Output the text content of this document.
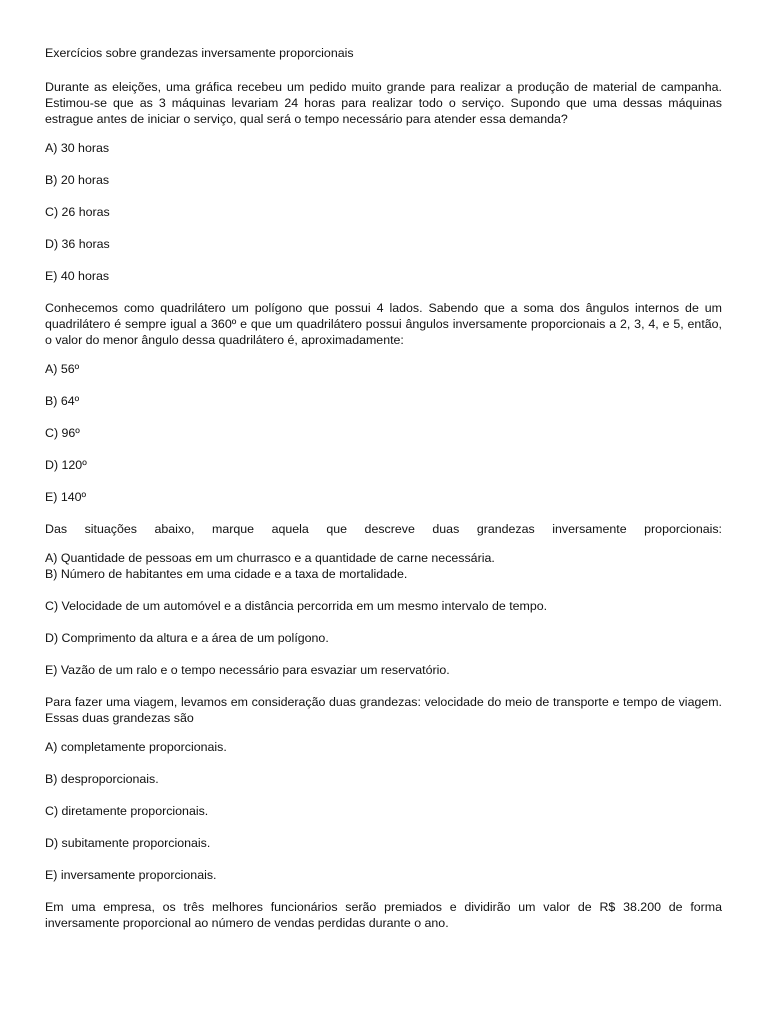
Exercícios sobre grandezas inversamente proporcionais

Durante as eleições, uma gráfica recebeu um pedido muito grande para realizar a produção de material de campanha. Estimou-se que as 3 máquinas levariam 24 horas para realizar todo o serviço. Supondo que uma dessas máquinas estrague antes de iniciar o serviço, qual será o tempo necessário para atender essa demanda?

A) 30 horas

B) 20 horas

C) 26 horas

D) 36 horas

E) 40 horas

Conhecemos como quadrilátero um polígono que possui 4 lados. Sabendo que a soma dos ângulos internos de um quadrilátero é sempre igual a 360º e que um quadrilátero possui ângulos inversamente proporcionais a 2, 3, 4, e 5, então, o valor do menor ângulo dessa quadrilátero é, aproximadamente:

A) 56º

B) 64º

C) 96º

D) 120º

E) 140º

Das situações abaixo, marque aquela que descreve duas grandezas inversamente proporcionais:

A) Quantidade de pessoas em um churrasco e a quantidade de carne necessária.

B) Número de habitantes em uma cidade e a taxa de mortalidade.

C) Velocidade de um automóvel e a distância percorrida em um mesmo intervalo de tempo.

D) Comprimento da altura e a área de um polígono.

E) Vazão de um ralo e o tempo necessário para esvaziar um reservatório.

Para fazer uma viagem, levamos em consideração duas grandezas: velocidade do meio de transporte e tempo de viagem. Essas duas grandezas são

A) completamente proporcionais.

B) desproporcionais.

C) diretamente proporcionais.

D) subitamente proporcionais.

E) inversamente proporcionais.

Em uma empresa, os três melhores funcionários serão premiados e dividirão um valor de R$ 38.200 de forma inversamente proporcional ao número de vendas perdidas durante o ano.
